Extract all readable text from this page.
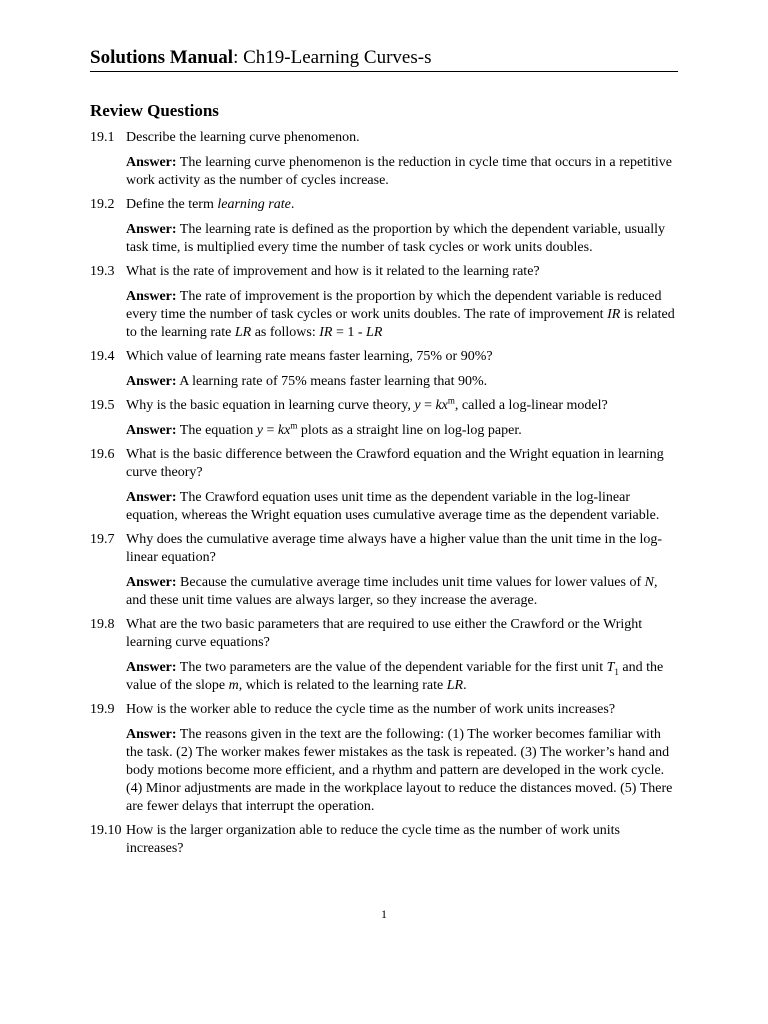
Solutions Manual: Ch19-Learning Curves-s
Review Questions
19.1 Describe the learning curve phenomenon.
Answer: The learning curve phenomenon is the reduction in cycle time that occurs in a repetitive work activity as the number of cycles increase.
19.2 Define the term learning rate.
Answer: The learning rate is defined as the proportion by which the dependent variable, usually task time, is multiplied every time the number of task cycles or work units doubles.
19.3 What is the rate of improvement and how is it related to the learning rate?
Answer: The rate of improvement is the proportion by which the dependent variable is reduced every time the number of task cycles or work units doubles. The rate of improvement IR is related to the learning rate LR as follows: IR = 1 - LR
19.4 Which value of learning rate means faster learning, 75% or 90%?
Answer: A learning rate of 75% means faster learning that 90%.
19.5 Why is the basic equation in learning curve theory, $y = kx^m$, called a log-linear model?
Answer: The equation $y = kx^m$ plots as a straight line on log-log paper.
19.6 What is the basic difference between the Crawford equation and the Wright equation in learning curve theory?
Answer: The Crawford equation uses unit time as the dependent variable in the log-linear equation, whereas the Wright equation uses cumulative average time as the dependent variable.
19.7 Why does the cumulative average time always have a higher value than the unit time in the log-linear equation?
Answer: Because the cumulative average time includes unit time values for lower values of N, and these unit time values are always larger, so they increase the average.
19.8 What are the two basic parameters that are required to use either the Crawford or the Wright learning curve equations?
Answer: The two parameters are the value of the dependent variable for the first unit $T_1$ and the value of the slope m, which is related to the learning rate LR.
19.9 How is the worker able to reduce the cycle time as the number of work units increases?
Answer: The reasons given in the text are the following: (1) The worker becomes familiar with the task. (2) The worker makes fewer mistakes as the task is repeated. (3) The worker’s hand and body motions become more efficient, and a rhythm and pattern are developed in the work cycle. (4) Minor adjustments are made in the workplace layout to reduce the distances moved. (5) There are fewer delays that interrupt the operation.
19.10 How is the larger organization able to reduce the cycle time as the number of work units increases?
1
